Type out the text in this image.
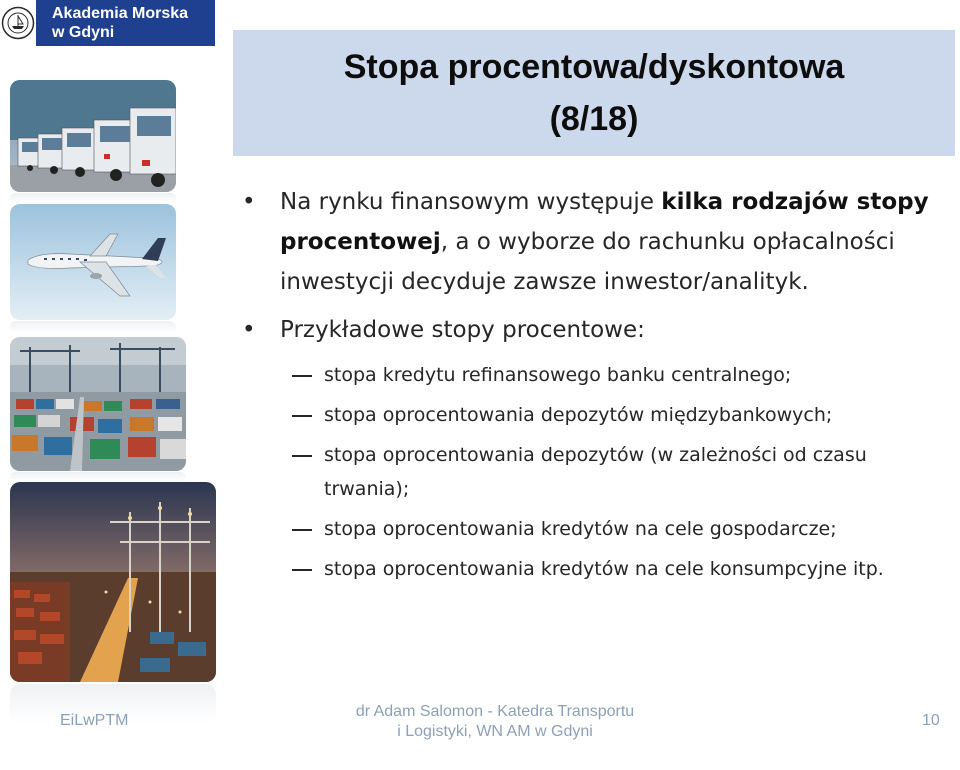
Akademia Morska
w Gdyni
Stopa procentowa/dyskontowa
(8/18)
• Na rynku finansowym występuje kilka rodzajów stopy procentowej, a o wyborze do rachunku opłacalności inwestycji decyduje zawsze inwestor/analityk.
• Przykładowe stopy procentowe:
stopa kredytu refinansowego banku centralnego;
stopa oprocentowania depozytów międzybankowych;
stopa oprocentowania depozytów (w zależności od czasu trwania);
stopa oprocentowania kredytów na cele gospodarcze;
stopa oprocentowania kredytów na cele konsumpcyjne itp.
EiLwPTM
dr Adam Salomon - Katedra Transportu
i Logistyki, WN AM w Gdyni
10
